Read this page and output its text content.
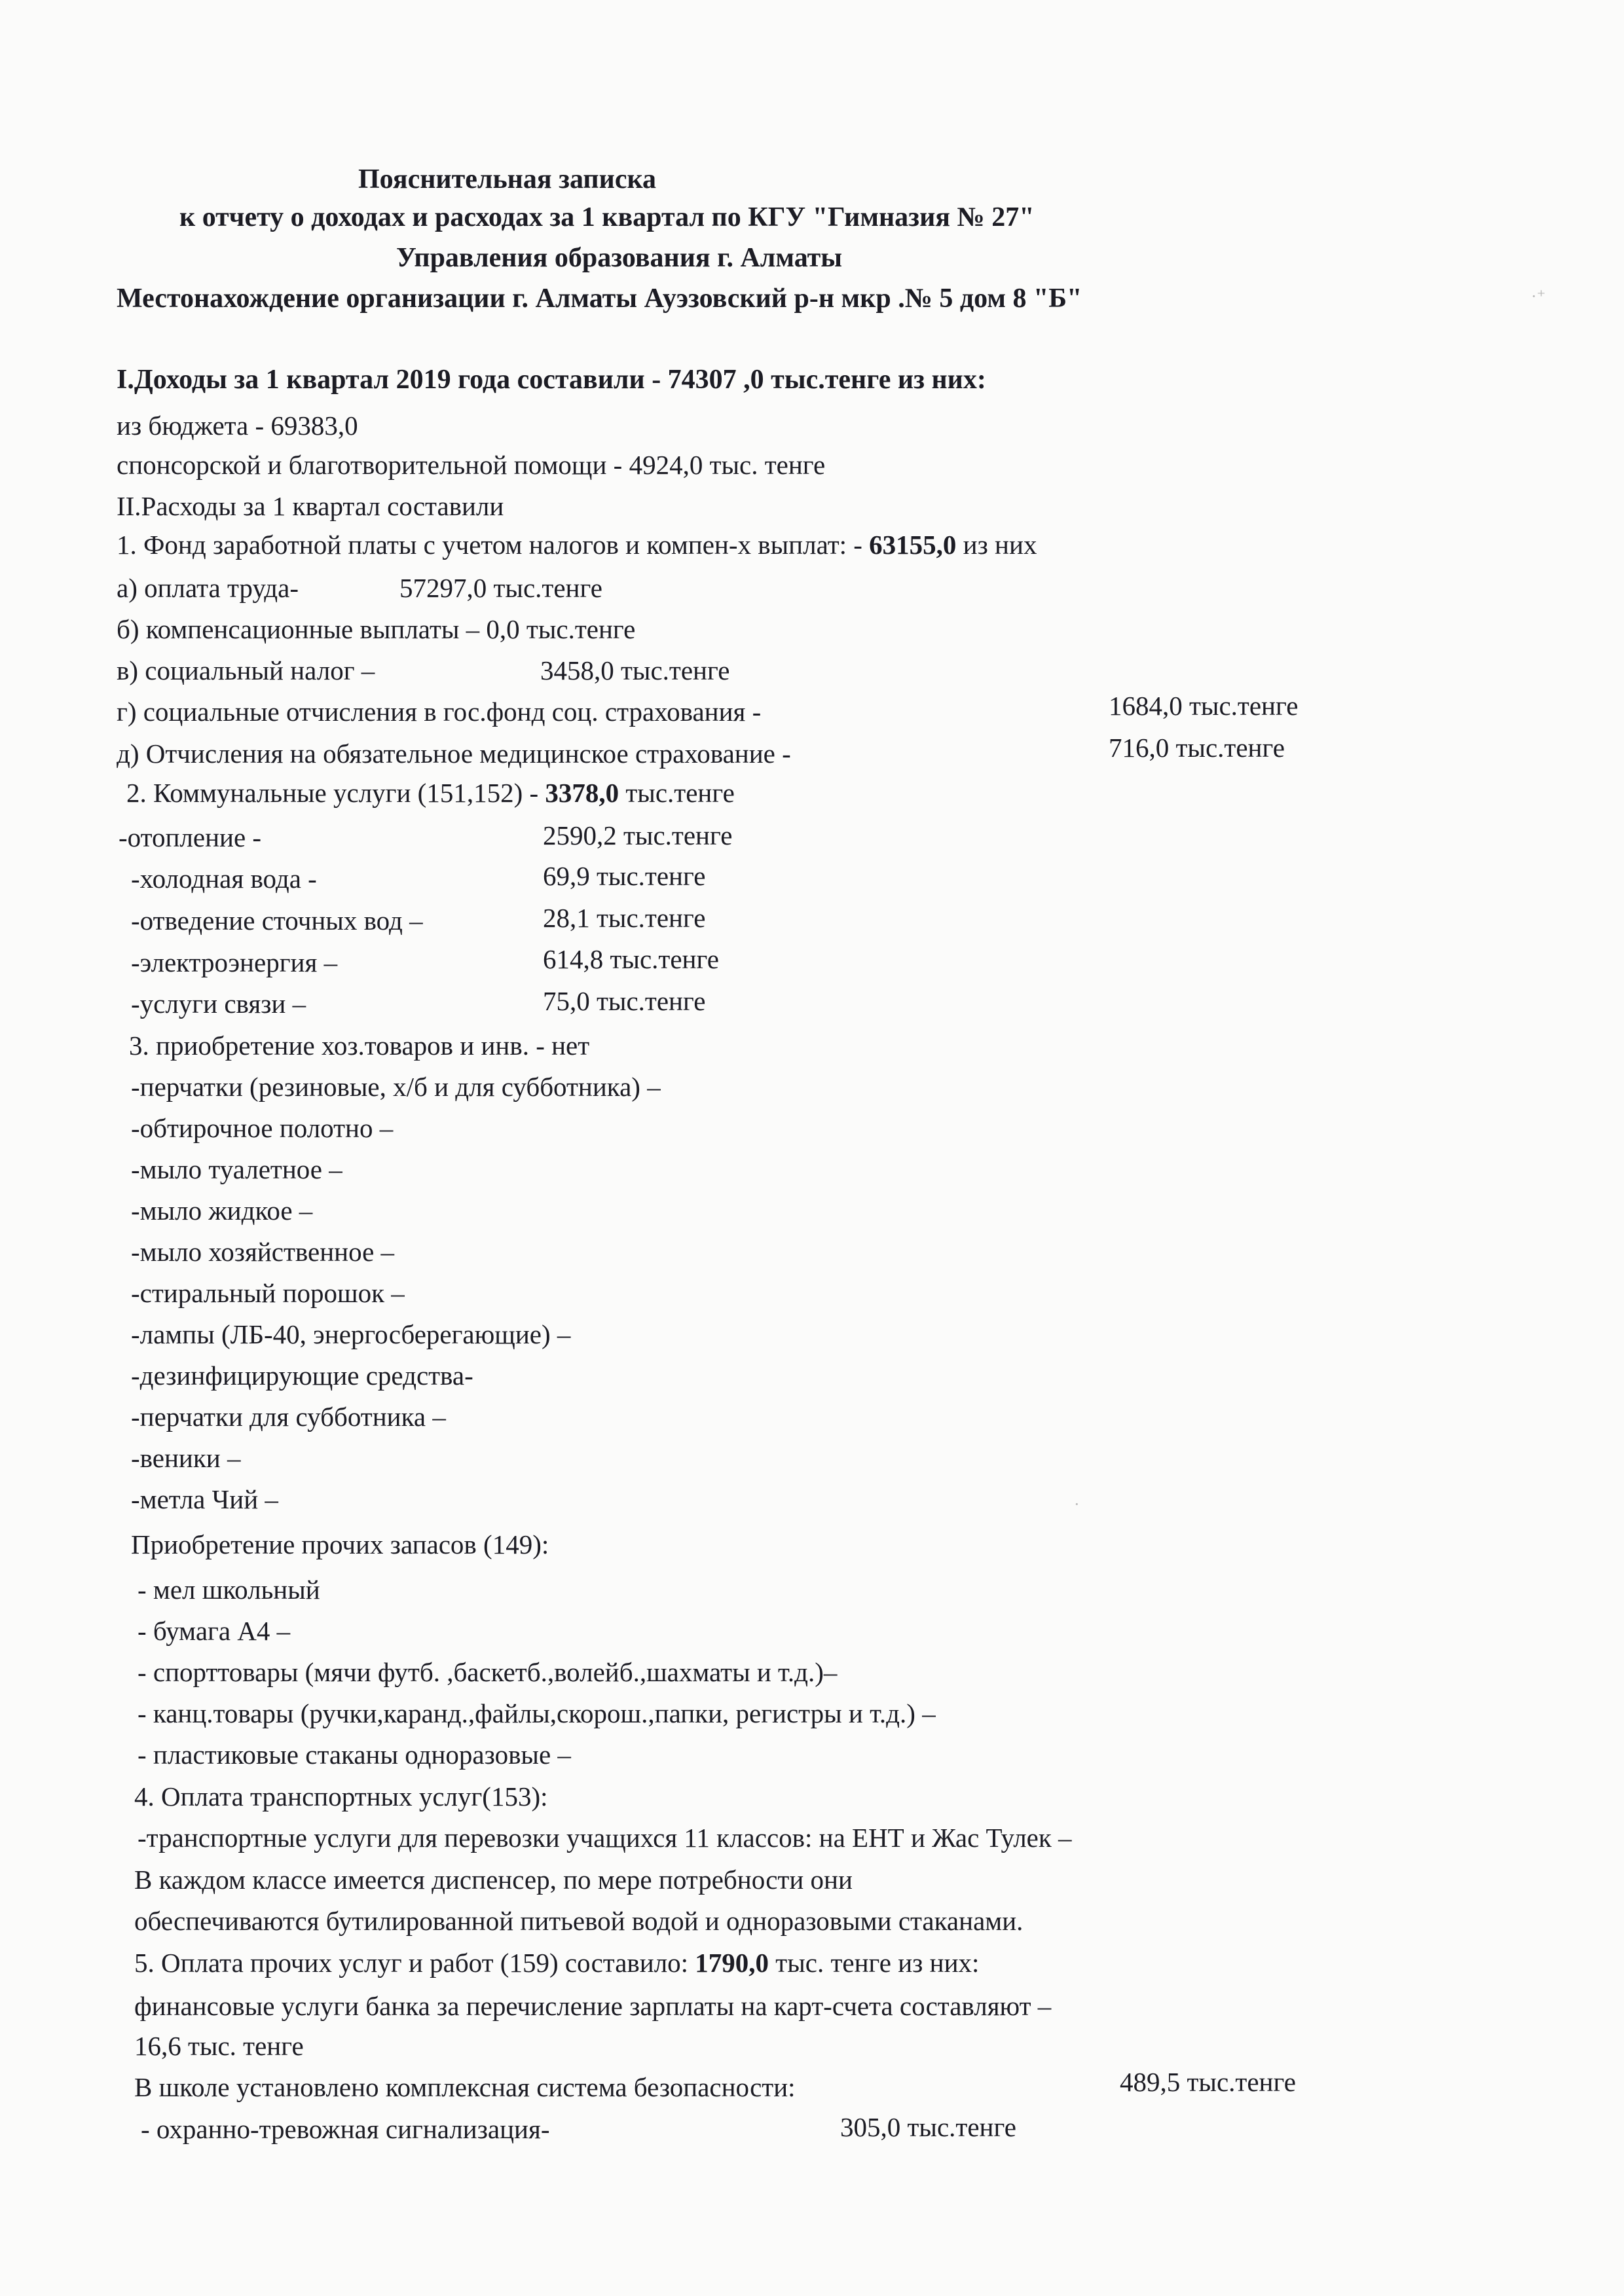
Пояснительная записка
к отчету о доходах и расходах за 1 квартал по КГУ "Гимназия № 27"
Управления образования г. Алматы
Местонахождение организации г. Алматы Ауэзовский р-н мкр .№ 5 дом 8 "Б"	·⁺
I.Доходы за 1 квартал 2019 года составили - 74307 ,0 тыс.тенге из них:
из бюджета - 69383,0
спонсорской и благотворительной помощи - 4924,0 тыс. тенге
II.Расходы за 1 квартал составили
1. Фонд заработной платы с учетом налогов и компен-х выплат: - 63155,0 из них
а) оплата труда-	57297,0 тыс.тенге
б) компенсационные выплаты – 0,0 тыс.тенге
в) социальный налог –	3458,0 тыс.тенге
г) социальные отчисления в гос.фонд соц. страхования -	1684,0 тыс.тенге
д) Отчисления на обязательное медицинское страхование -	716,0 тыс.тенге
2. Коммунальные услуги (151,152) - 3378,0 тыс.тенге
-отопление -	2590,2 тыс.тенге
-холодная вода -	69,9 тыс.тенге
-отведение сточных вод –	28,1 тыс.тенге
-электроэнергия –	614,8 тыс.тенге
-услуги связи –	75,0 тыс.тенге
3. приобретение хоз.товаров и инв. - нет
-перчатки (резиновые, х/б и для субботника) –
-обтирочное полотно –
-мыло туалетное –
-мыло жидкое –
-мыло хозяйственное –
-стиральный порошок –
-лампы (ЛБ-40, энергосберегающие) –
-дезинфицирующие средства-
-перчатки для субботника –
-веники –
-метла Чий –	·
Приобретение прочих запасов (149):
- мел школьный
- бумага А4 –
- спорттовары (мячи футб. ,баскетб.,волейб.,шахматы и т.д.)–
- канц.товары (ручки,каранд.,файлы,скорош.,папки, регистры и т.д.) –
- пластиковые стаканы одноразовые –
4. Оплата транспортных услуг(153):
-транспортные услуги для перевозки учащихся 11 классов: на ЕНТ и Жас Тулек –
В каждом классе имеется диспенсер, по мере потребности они
обеспечиваются бутилированной питьевой водой и одноразовыми стаканами.
5. Оплата прочих услуг и работ (159) составило: 1790,0 тыс. тенге из них:
финансовые услуги банка за перечисление зарплаты на карт-счета составляют –
16,6 тыс. тенге
В школе установлено комплексная система безопасности:	489,5 тыс.тенге
- охранно-тревожная сигнализация-	305,0 тыс.тенге
